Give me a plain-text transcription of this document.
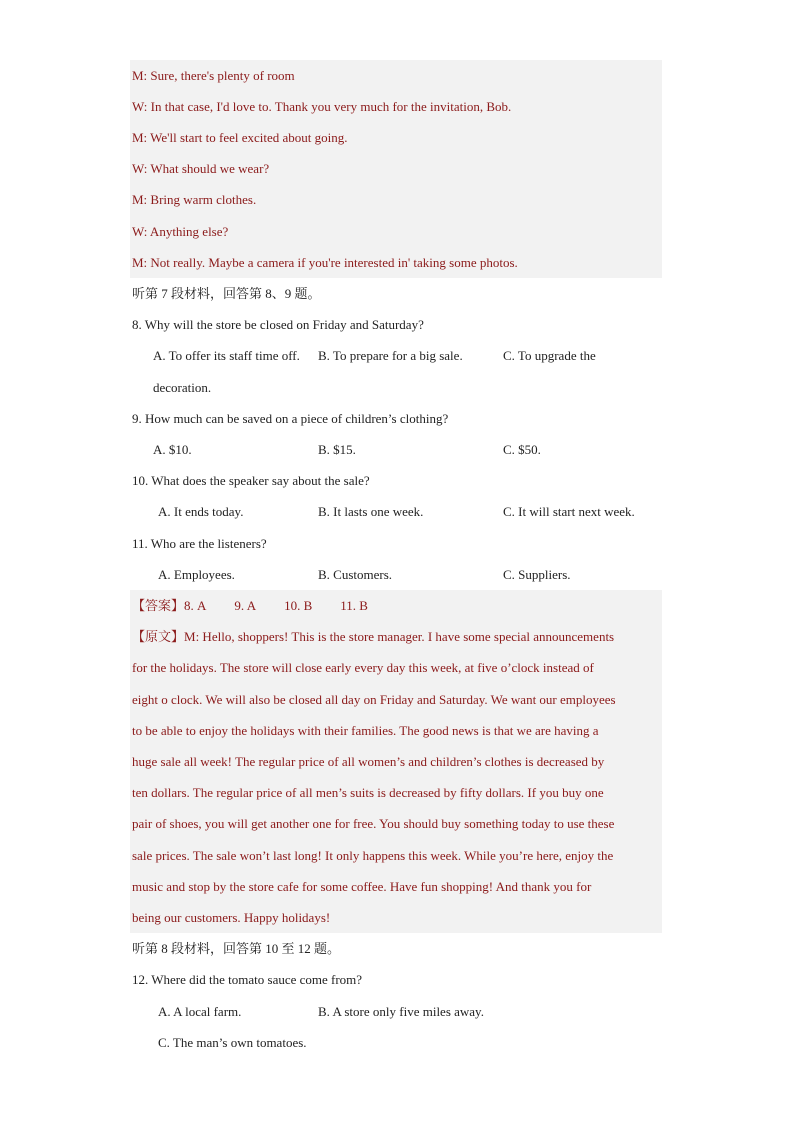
M: Sure, there's plenty of room
W: In that case, I'd love to. Thank you very much for the invitation, Bob.
M: We'll start to feel excited about going.
W: What should we wear?
M: Bring warm clothes.
W: Anything else?
M: Not really. Maybe a camera if you're interested in' taking some photos.
听第 7 段材料，回答第 8、9 题。
8. Why will the store be closed on Friday and Saturday?
A. To offer its staff time off. B. To prepare for a big sale.	C. To upgrade the
decoration.
9. How much can be saved on a piece of children’s clothing?
A. $10.	B. $15.	C. $50.
10. What does the speaker say about the sale?
A. It ends today.	B. It lasts one week.	C. It will start next week.
11. Who are the listeners?
A. Employees.	B. Customers.	C. Suppliers.
【答案】8. A 9. A 10. B 11. B
【原文】M: Hello, shoppers! This is the store manager. I have some special announcements
for the holidays. The store will close early every day this week, at five o’clock instead of
eight o clock. We will also be closed all day on Friday and Saturday. We want our employees
to be able to enjoy the holidays with their families. The good news is that we are having a
huge sale all week! The regular price of all women’s and children’s clothes is decreased by
ten dollars. The regular price of all men’s suits is decreased by fifty dollars. If you buy one
pair of shoes, you will get another one for free. You should buy something today to use these
sale prices. The sale won’t last long! It only happens this week. While you’re here, enjoy the
music and stop by the store cafe for some coffee. Have fun shopping! And thank you for
being our customers. Happy holidays!
听第 8 段材料，回答第 10 至 12 题。
12. Where did the tomato sauce come from?
A. A local farm.	B. A store only five miles away.
C. The man’s own tomatoes.
